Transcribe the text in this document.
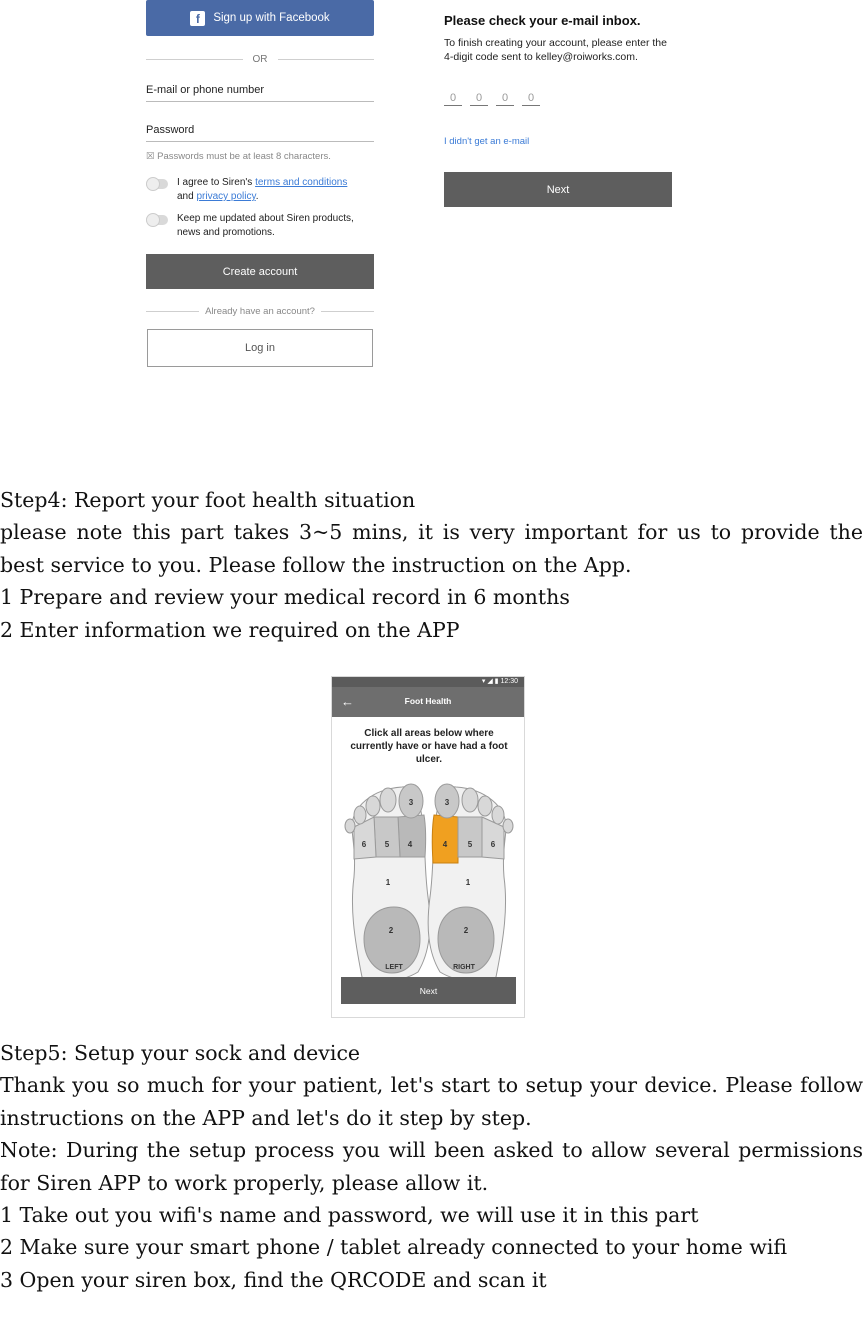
f	Sign up with Facebook
OR
E-mail or phone number
Password
☒ Passwords must be at least 8 characters.
I agree to Siren's terms and conditions
and privacy policy.
Keep me updated about Siren products, news and promotions.
Create account
Already have an account?
Log in
Please check your e-mail inbox.
To finish creating your account, please enter the 4-digit code sent to kelley@roiworks.com.
0	0	0	0
I didn't get an e-mail
Next

Step4: Report your foot health situation

please note this part takes 3~5 mins, it is very important for us to provide the best service to you. Please follow the instruction on the App.

1 Prepare and review your medical record in 6 months

2 Enter information we required on the APP

▾ ◢ ▮ 12:30
←	Foot Health
Click all areas below where currently have or have had a foot ulcer.
3
6 5 4
1
2
LEFT
3
4	5 6
1
2
RIGHT
Next

Step5: Setup your sock and device

Thank you so much for your patient, let's start to setup your device. Please follow instructions on the APP and let's do it step by step.

Note: During the setup process you will been asked to allow several permissions for Siren APP to work properly, please allow it.

1 Take out you wifi's name and password, we will use it in this part

2 Make sure your smart phone / tablet already connected to your home wifi

3 Open your siren box, find the QRCODE and scan it
